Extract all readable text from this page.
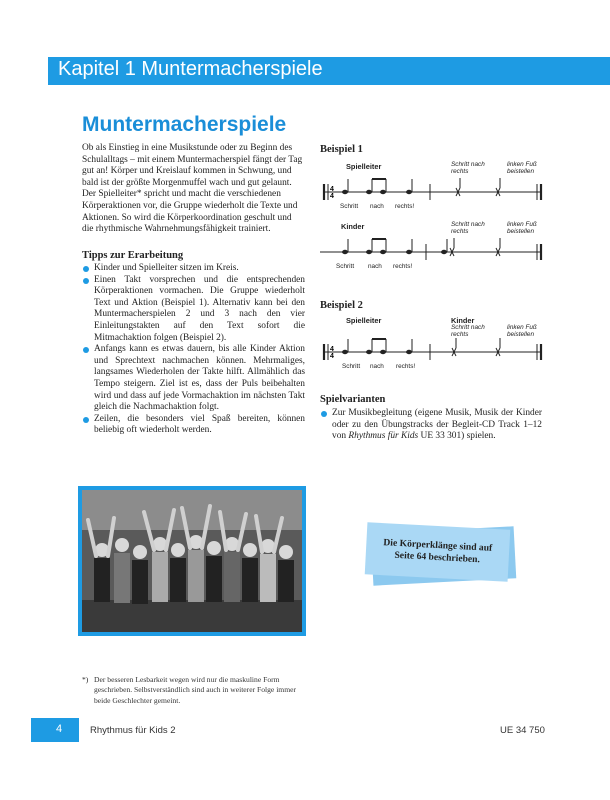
Kapitel 1 Muntermacherspiele
Muntermacherspiele
Ob als Einstieg in eine Musikstunde oder zu Beginn des
Schulalltags – mit einem Muntermacherspiel fängt der Tag
gut an! Körper und Kreislauf kommen in Schwung, und
bald ist der größte Morgenmuffel wach und gut gelaunt.
Der Spielleiter* spricht und macht die verschiedenen
Körperaktionen vor, die Gruppe wiederholt die Texte und
Aktionen. So wird die Körperkoordination geschult und
die rhythmische Wahrnehmungsfähigkeit trainiert.
Tipps zur Erarbeitung
Kinder und Spielleiter sitzen im Kreis.
Einen Takt vorsprechen und die entsprechenden Körperaktionen vormachen. Die Gruppe wiederholt Text und Aktion (Beispiel 1). Alternativ kann bei den Muntermacherspielen 2 und 3 nach den vier Einleitungstakten auf den Text sofort die Mitmachaktion folgen (Beispiel 2).
Anfangs kann es etwas dauern, bis alle Kinder Aktion und Sprechtext nachmachen können. Mehrmaliges, langsames Wiederholen der Takte hilft. Allmählich das Tempo steigern. Ziel ist es, dass der Puls beibehalten wird und dass auf jede Vormachaktion im nächsten Takt gleich die Nachmachaktion folgt.
Zeilen, die besonders viel Spaß bereiten, können beliebig oft wiederholt werden.
Beispiel 1
Spielleiter	Schritt nach rechts
linken Fuß beistellen
4
4
Schritt nach rechts!
Kinder	Schritt nach rechts
linken Fuß beistellen
Schritt nach rechts!
Beispiel 2
Spielleiter	Kinder
Schritt nach rechts
linken Fuß beistellen
4
4
Schritt nach rechts!
Spielvarianten
Zur Musikbegleitung (eigene Musik, Musik der Kinder oder zu den Übungstracks der Begleit-CD Track 1–12 von Rhythmus für Kids UE 33 301) spielen.
Die Körperklänge sind auf Seite 64 beschrieben.
*) Der besseren Lesbarkeit wegen wird nur die maskuline Form geschrieben. Selbstverständlich sind auch in weiterer Folge immer beide Geschlechter gemeint.
4	Rhythmus für Kids 2	UE 34 750
